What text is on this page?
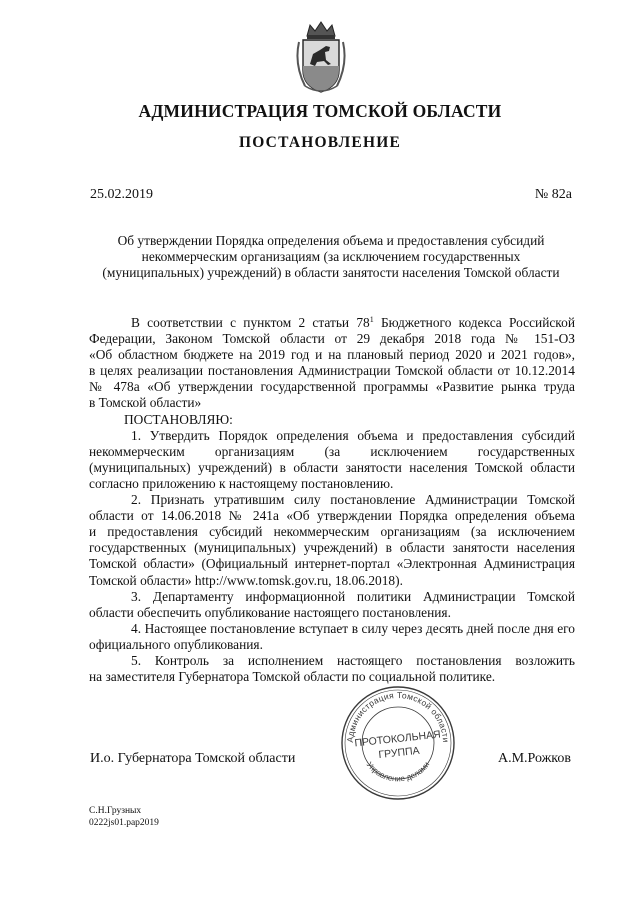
АДМИНИСТРАЦИЯ ТОМСКОЙ ОБЛАСТИ
ПОСТАНОВЛЕНИЕ
25.02.2019	№ 82а
Об утверждении Порядка определения объема и предоставления субсидий
некоммерческим организациям (за исключением государственных
(муниципальных) учреждений) в области занятости населения Томской области
В соответствии с пунктом 2 статьи $78^1$ Бюджетного кодекса Российской
Федерации, Законом Томской области от 29 декабря 2018 года № 151-ОЗ
«Об областном бюджете на 2019 год и на плановый период 2020 и 2021 годов»,
в целях реализации постановления Администрации Томской области от 10.12.2014
№ 478а «Об утверждении государственной программы «Развитие рынка труда
в Томской области»
ПОСТАНОВЛЯЮ:
1. Утвердить Порядок определения объема и предоставления субсидий
некоммерческим организациям (за исключением государственных
(муниципальных) учреждений) в области занятости населения Томской области
согласно приложению к настоящему постановлению.
2. Признать утратившим силу постановление Администрации Томской
области от 14.06.2018 № 241а «Об утверждении Порядка определения объема
и предоставления субсидий некоммерческим организациям (за исключением
государственных (муниципальных) учреждений) в области занятости населения
Томской области» (Официальный интернет-портал «Электронная Администрация
Томской области» http://www.tomsk.gov.ru, 18.06.2018).
3. Департаменту информационной политики Администрации Томской
области обеспечить опубликование настоящего постановления.
4. Настоящее постановление вступает в силу через десять дней после дня его
официального опубликования.
5. Контроль за исполнением настоящего постановления возложить
на заместителя Губернатора Томской области по социальной политике.
Администрация Томской области
Управление делами
ПРОТОКОЛЬНАЯ
ГРУППА
И.о. Губернатора Томской области	А.М.Рожков
С.Н.Грузных
0222js01.pap2019
